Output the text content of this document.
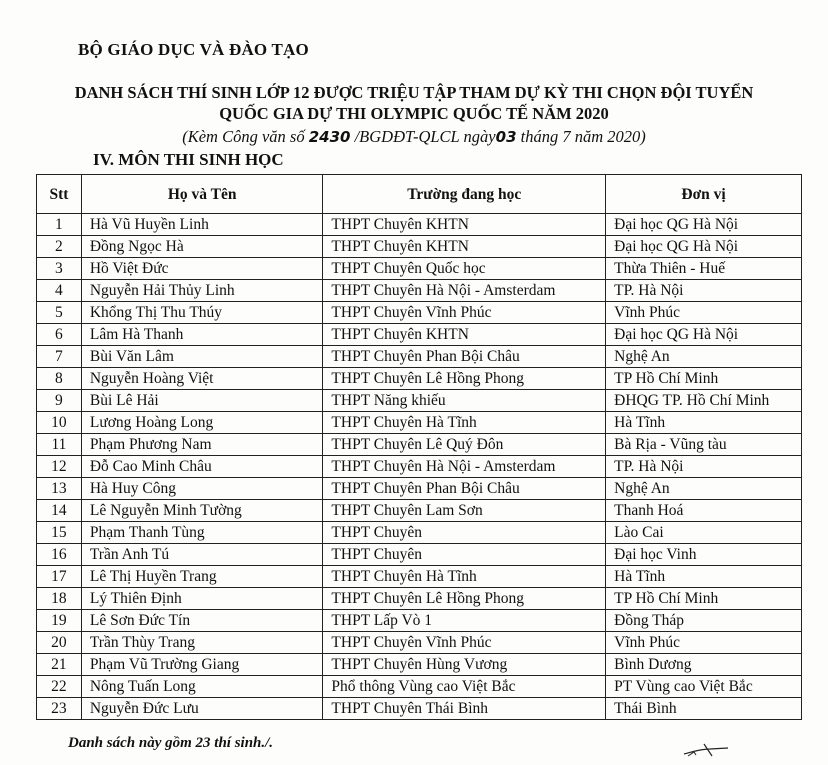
BỘ GIÁO DỤC VÀ ĐÀO TẠO
DANH SÁCH THÍ SINH LỚP 12 ĐƯỢC TRIỆU TẬP THAM DỰ KỲ THI CHỌN ĐỘI TUYỂN
QUỐC GIA DỰ THI OLYMPIC QUỐC TẾ NĂM 2020
(Kèm Công văn số 2430 /BGDĐT-QLCL ngày03 tháng 7 năm 2020)
IV. MÔN THI SINH HỌC
Stt	Họ và Tên	Trường đang học	Đơn vị
1	Hà Vũ Huyền Linh	THPT Chuyên KHTN	Đại học QG Hà Nội
2	Đồng Ngọc Hà	THPT Chuyên KHTN	Đại học QG Hà Nội
3	Hồ Việt Đức	THPT Chuyên Quốc học	Thừa Thiên - Huế
4	Nguyễn Hải Thủy Linh	THPT Chuyên Hà Nội - Amsterdam	TP. Hà Nội
5	Khổng Thị Thu Thúy	THPT Chuyên Vĩnh Phúc	Vĩnh Phúc
6	Lâm Hà Thanh	THPT Chuyên KHTN	Đại học QG Hà Nội
7	Bùi Văn Lâm	THPT Chuyên Phan Bội Châu	Nghệ An
8	Nguyễn Hoàng Việt	THPT Chuyên Lê Hồng Phong	TP Hồ Chí Minh
9	Bùi Lê Hải	THPT Năng khiếu	ĐHQG TP. Hồ Chí Minh
10	Lương Hoàng Long	THPT Chuyên Hà Tĩnh	Hà Tĩnh
11	Phạm Phương Nam	THPT Chuyên Lê Quý Đôn	Bà Rịa - Vũng tàu
12	Đỗ Cao Minh Châu	THPT Chuyên Hà Nội - Amsterdam	TP. Hà Nội
13	Hà Huy Công	THPT Chuyên Phan Bội Châu	Nghệ An
14	Lê Nguyễn Minh Tường	THPT Chuyên Lam Sơn	Thanh Hoá
15	Phạm Thanh Tùng	THPT Chuyên	Lào Cai
16	Trần Anh Tú	THPT Chuyên	Đại học Vinh
17	Lê Thị Huyền Trang	THPT Chuyên Hà Tĩnh	Hà Tĩnh
18	Lý Thiên Định	THPT Chuyên Lê Hồng Phong	TP Hồ Chí Minh
19	Lê Sơn Đức Tín	THPT Lấp Vò 1	Đồng Tháp
20	Trần Thùy Trang	THPT Chuyên Vĩnh Phúc	Vĩnh Phúc
21	Phạm Vũ Trường Giang	THPT Chuyên Hùng Vương	Bình Dương
22	Nông Tuấn Long	Phổ thông Vùng cao Việt Bắc	PT Vùng cao Việt Bắc
23	Nguyễn Đức Lưu	THPT Chuyên Thái Bình	Thái Bình
Danh sách này gồm 23 thí sinh./.
